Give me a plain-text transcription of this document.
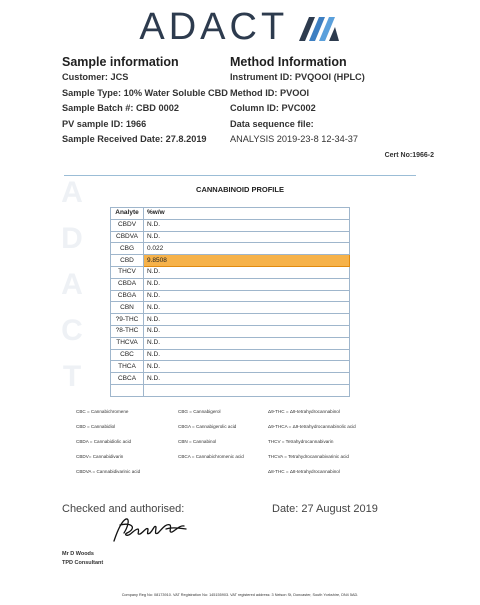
ADACT
A
D
A
C
T
Sample information
Customer: JCS
Sample Type: 10% Water Soluble CBD
Sample Batch #: CBD 0002
PV sample ID: 1966
Sample Received Date: 27.8.2019
Method Information
Instrument ID: PVQOOI (HPLC)
Method ID: PVOOI
Column ID: PVC002
Data sequence file:
ANALYSIS 2019-23-8 12-34-37
Cert No:1966-2
CANNABINOID PROFILE
Analyte	%w/w
CBDV	N.D.
CBDVA	N.D.
CBG	0.022
CBD	9.8508
THCV	N.D.
CBDA	N.D.
CBGA	N.D.
CBN	N.D.
?9-THC	N.D.
?8-THC	N.D.
THCVA	N.D.
CBC	N.D.
THCA	N.D.
CBCA	N.D.

CBC = Cannabichromene
CBD = Cannabidiol
CBDA = Cannabidiolic acid
CBDV= Cannabidivarin
CBDVA = Cannabidivarinic acid
CBG = Cannabigerol
CBGA = Cannabigerolic acid
CBN = Cannabinol
CBCA = Cannabichromenic acid
Δ9-THC = Δ9-tetrahydrocannabinol
Δ9-THCA = Δ9-tetrahydrocannabinolic acid
THCV = Tetrahydrocannabivarin
THCVA = Tetrahydrocannabivarinic acid
Δ8-THC = Δ8-tetrahydrocannabinol
Checked and authorised:	Date: 27 August 2019
Mr D Woods
TPD Consultant
Company Reg No: 08173910. VAT Registration No: 145155903. VAT registered address: 3 Nelson St, Doncaster, South Yorkshire, DN4 5AD.
